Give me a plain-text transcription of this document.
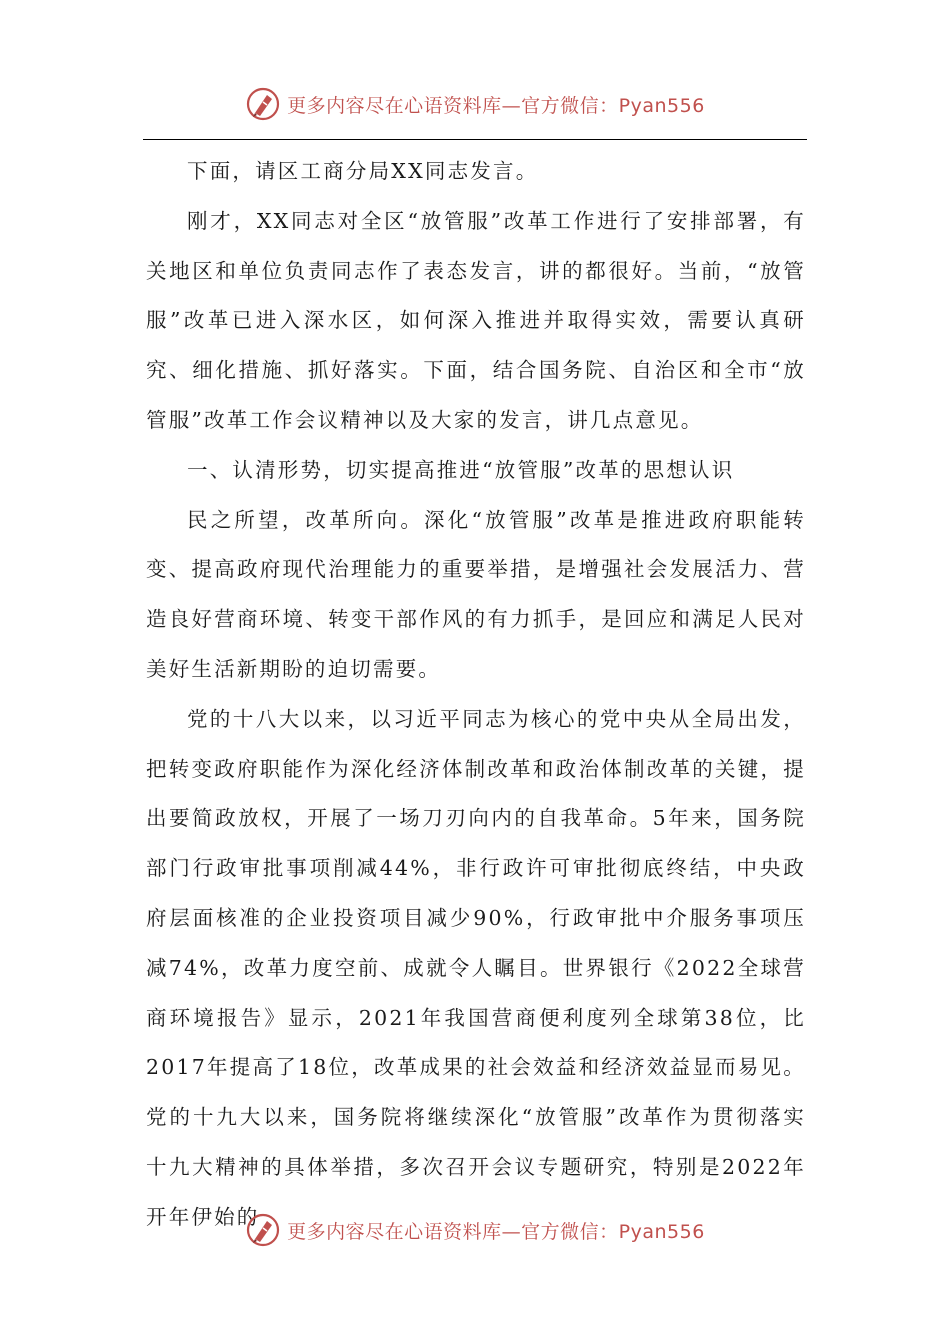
更多内容尽在心语资料库—官方微信：Pyan556

下面，请区工商分局XX同志发言。

刚才，XX同志对全区“放管服”改革工作进行了安排部署，有关地区和单位负责同志作了表态发言，讲的都很好。当前，“放管服”改革已进入深水区，如何深入推进并取得实效，需要认真研究、细化措施、抓好落实。下面，结合国务院、自治区和全市“放管服”改革工作会议精神以及大家的发言，讲几点意见。

一、认清形势，切实提高推进“放管服”改革的思想认识

民之所望，改革所向。深化“放管服”改革是推进政府职能转变、提高政府现代治理能力的重要举措，是增强社会发展活力、营造良好营商环境、转变干部作风的有力抓手，是回应和满足人民对美好生活新期盼的迫切需要。

党的十八大以来，以习近平同志为核心的党中央从全局出发，把转变政府职能作为深化经济体制改革和政治体制改革的关键，提出要简政放权，开展了一场刀刃向内的自我革命。5年来，国务院部门行政审批事项削减44%，非行政许可审批彻底终结，中央政府层面核准的企业投资项目减少90%，行政审批中介服务事项压减74%，改革力度空前、成就令人瞩目。世界银行《2022全球营商环境报告》显示，2021年我国营商便利度列全球第38位，比2017年提高了18位，改革成果的社会效益和经济效益显而易见。党的十九大以来，国务院将继续深化“放管服”改革作为贯彻落实十九大精神的具体举措，多次召开会议专题研究，特别是2022年开年伊始的

更多内容尽在心语资料库—官方微信：Pyan556
